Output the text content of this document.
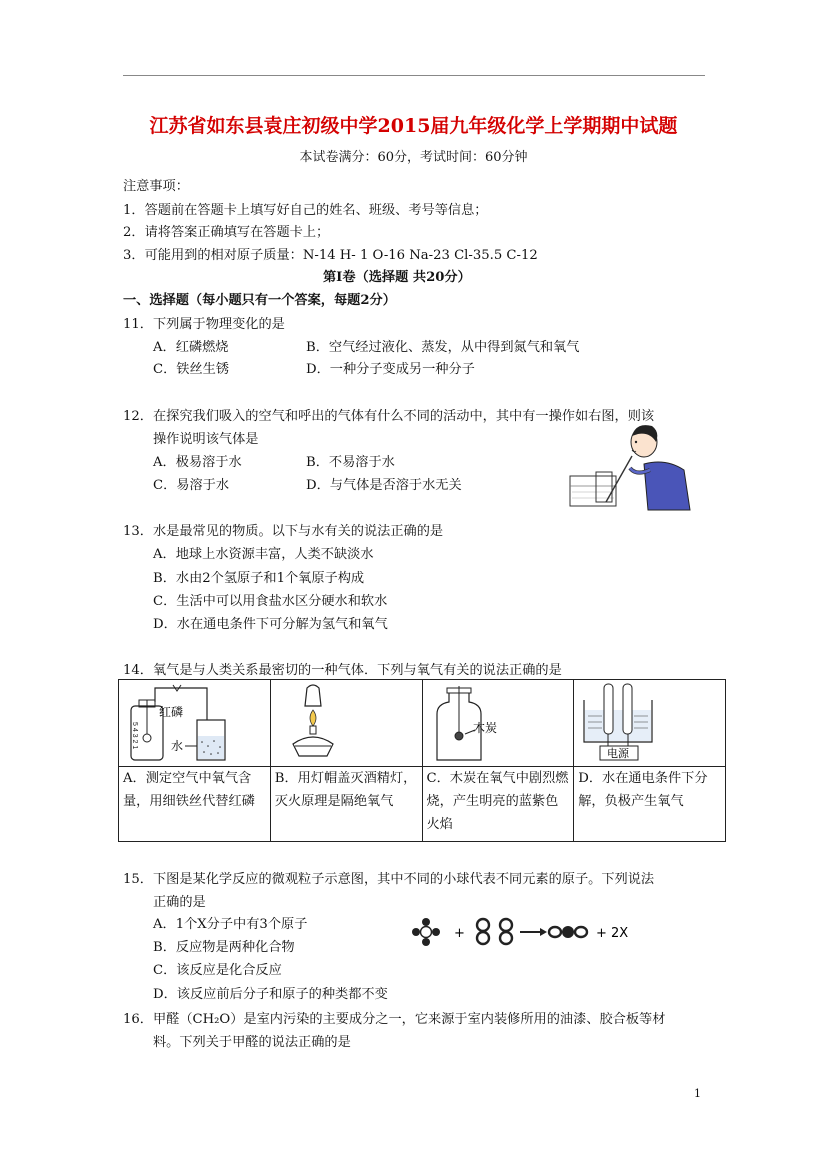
江苏省如东县袁庄初级中学2015届九年级化学上学期期中试题
本试卷满分：60分，考试时间：60分钟
注意事项：
1．答题前在答题卡上填写好自己的姓名、班级、考号等信息；
2．请将答案正确填写在答题卡上；
3．可能用到的相对原子质量：N-14 H- 1 O-16 Na-23 Cl-35.5 C-12
第Ⅰ卷（选择题 共20分）
一、选择题（每小题只有一个答案，每题2分）
11．下列属于物理变化的是
A．红磷燃烧	B．空气经过液化、蒸发，从中得到氮气和氧气
C．铁丝生锈	D．一种分子变成另一种分子
12．在探究我们吸入的空气和呼出的气体有什么不同的活动中，其中有一操作如右图，则该
操作说明该气体是
A．极易溶于水	B．不易溶于水
C．易溶于水	D．与气体是否溶于水无关
13．水是最常见的物质。以下与水有关的说法正确的是
A．地球上水资源丰富，人类不缺淡水
B．水由2个氢原子和1个氧原子构成
C．生活中可以用食盐水区分硬水和软水
D．水在通电条件下可分解为氢气和氧气
14．氧气是与人类关系最密切的一种气体．下列与氧气有关的说法正确的是
5 4 3 2 1
红磷
水		木炭	电源

A．测定空气中氧气含量，用细铁丝代替红磷	B．用灯帽盖灭酒精灯，灭火原理是隔绝氧气	C．木炭在氧气中剧烈燃烧，产生明亮的蓝紫色火焰	D．水在通电条件下分解，负极产生氧气
15．下图是某化学反应的微观粒子示意图，其中不同的小球代表不同元素的原子。下列说法
正确的是
A．1个X分子中有3个原子
B．反应物是两种化合物
C．该反应是化合反应
D．该反应前后分子和原子的种类都不变
+	+ 2X
16．甲醛（CH₂O）是室内污染的主要成分之一，它来源于室内装修所用的油漆、胶合板等材
料。下列关于甲醛的说法正确的是
1
